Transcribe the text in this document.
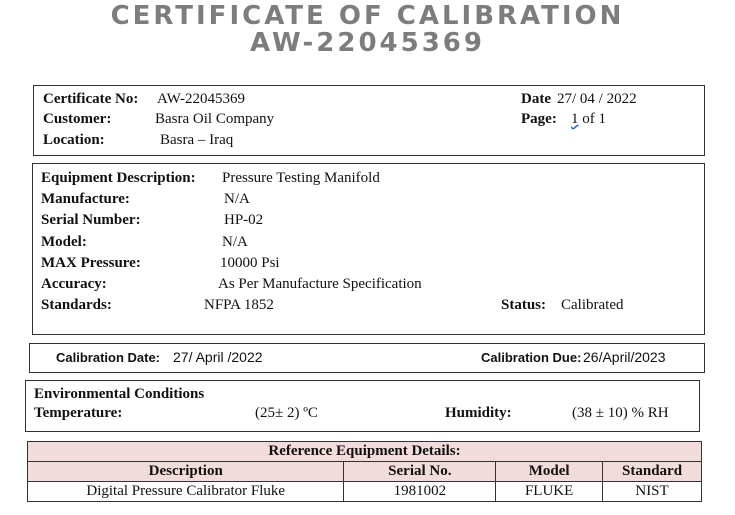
CERTIFICATE OF CALIBRATION
AW-22045369
Certificate No: AW-22045369
Customer:	Basra Oil Company
Location:	Basra – Iraq
Date 27/ 04 / 2022
Page: 1 of 1
Equipment Description: Pressure Testing Manifold
Manufacture:	N/A
Serial Number:	HP-02
Model:	N/A
MAX Pressure:	10000 Psi
Accuracy:	As Per Manufacture Specification
Standards:	NFPA 1852	Status: Calibrated
Calibration Date: 27/ April /2022	Calibration Due: 26/April/2023
Environmental Conditions
Temperature:	(25± 2) ºC	Humidity:	(38 ± 10) % RH
Reference Equipment Details:			
Description	Serial No.	Model	Standard
Digital Pressure Calibrator Fluke	1981002	FLUKE	NIST
